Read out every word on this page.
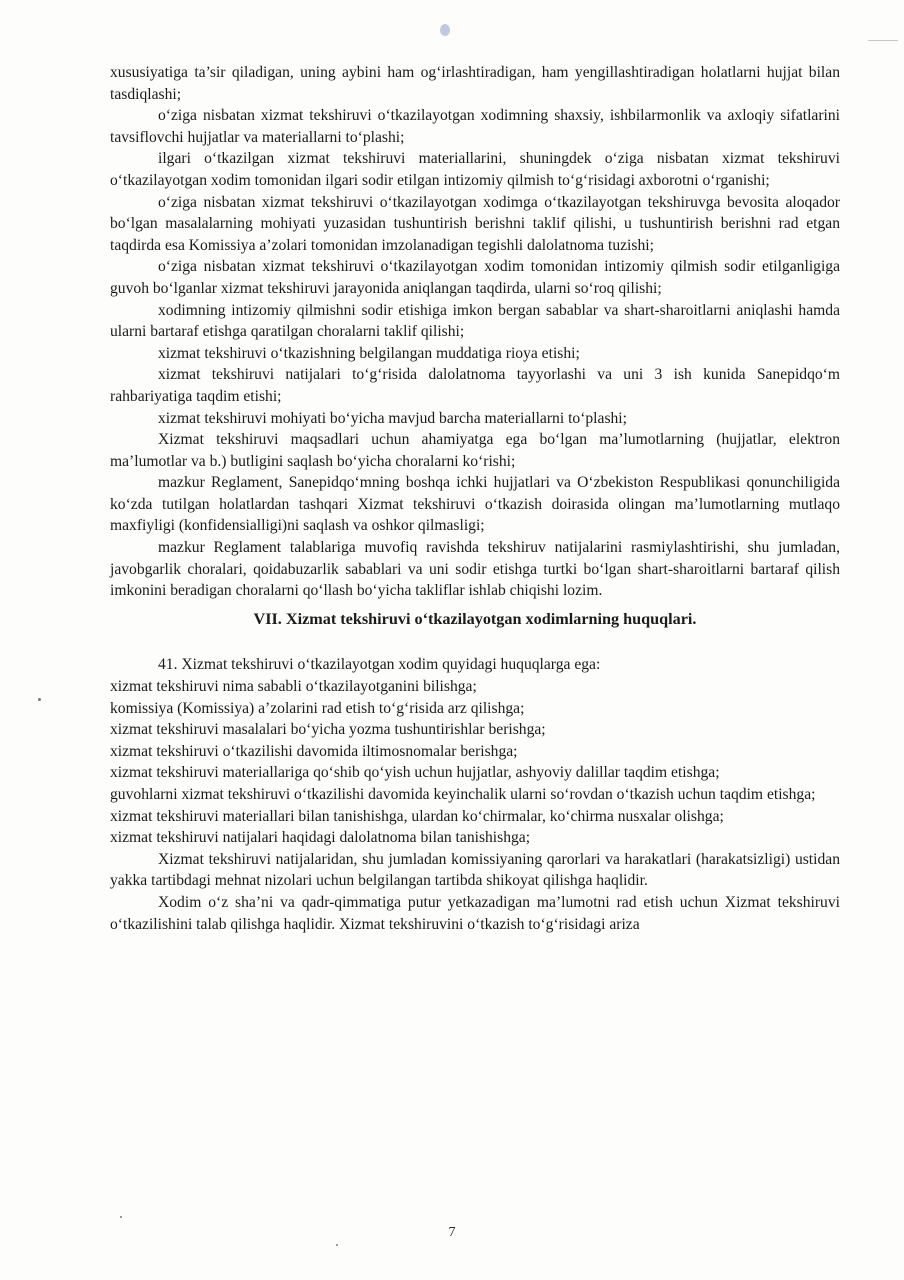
xususiyatiga ta’sir qiladigan, uning aybini ham og‘irlashtiradigan, ham yengillashtiradigan holatlarni hujjat bilan tasdiqlashi;

o‘ziga nisbatan xizmat tekshiruvi o‘tkazilayotgan xodimning shaxsiy, ishbilarmonlik va axloqiy sifatlarini tavsiflovchi hujjatlar va materiallarni to‘plashi;

ilgari o‘tkazilgan xizmat tekshiruvi materiallarini, shuningdek o‘ziga nisbatan xizmat tekshiruvi o‘tkazilayotgan xodim tomonidan ilgari sodir etilgan intizomiy qilmish to‘g‘risidagi axborotni o‘rganishi;

o‘ziga nisbatan xizmat tekshiruvi o‘tkazilayotgan xodimga o‘tkazilayotgan tekshiruvga bevosita aloqador bo‘lgan masalalarning mohiyati yuzasidan tushuntirish berishni taklif qilishi, u tushuntirish berishni rad etgan taqdirda esa Komissiya a’zolari tomonidan imzolanadigan tegishli dalolatnoma tuzishi;

o‘ziga nisbatan xizmat tekshiruvi o‘tkazilayotgan xodim tomonidan intizomiy qilmish sodir etilganligiga guvoh bo‘lganlar xizmat tekshiruvi jarayonida aniqlangan taqdirda, ularni so‘roq qilishi;

xodimning intizomiy qilmishni sodir etishiga imkon bergan sabablar va shart-sharoitlarni aniqlashi hamda ularni bartaraf etishga qaratilgan choralarni taklif qilishi;

xizmat tekshiruvi o‘tkazishning belgilangan muddatiga rioya etishi;

xizmat tekshiruvi natijalari to‘g‘risida dalolatnoma tayyorlashi va uni 3 ish kunida Sanepidqo‘m rahbariyatiga taqdim etishi;

xizmat tekshiruvi mohiyati bo‘yicha mavjud barcha materiallarni to‘plashi;

Xizmat tekshiruvi maqsadlari uchun ahamiyatga ega bo‘lgan ma’lumotlarning (hujjatlar, elektron ma’lumotlar va b.) butligini saqlash bo‘yicha choralarni ko‘rishi;

mazkur Reglament, Sanepidqo‘mning boshqa ichki hujjatlari va O‘zbekiston Respublikasi qonunchiligida ko‘zda tutilgan holatlardan tashqari Xizmat tekshiruvi o‘tkazish doirasida olingan ma’lumotlarning mutlaqo maxfiyligi (konfidensialligi)ni saqlash va oshkor qilmasligi;

mazkur Reglament talablariga muvofiq ravishda tekshiruv natijalarini rasmiylashtirishi, shu jumladan, javobgarlik choralari, qoidabuzarlik sabablari va uni sodir etishga turtki bo‘lgan shart-sharoitlarni bartaraf qilish imkonini beradigan choralarni qo‘llash bo‘yicha takliflar ishlab chiqishi lozim.

VII. Xizmat tekshiruvi o‘tkazilayotgan xodimlarning huquqlari.

41. Xizmat tekshiruvi o‘tkazilayotgan xodim quyidagi huquqlarga ega:

xizmat tekshiruvi nima sababli o‘tkazilayotganini bilishga;

komissiya (Komissiya) a’zolarini rad etish to‘g‘risida arz qilishga;

xizmat tekshiruvi masalalari bo‘yicha yozma tushuntirishlar berishga;

xizmat tekshiruvi o‘tkazilishi davomida iltimosnomalar berishga;

xizmat tekshiruvi materiallariga qo‘shib qo‘yish uchun hujjatlar, ashyoviy dalillar taqdim etishga;

guvohlarni xizmat tekshiruvi o‘tkazilishi davomida keyinchalik ularni so‘rovdan o‘tkazish uchun taqdim etishga;

xizmat tekshiruvi materiallari bilan tanishishga, ulardan ko‘chirmalar, ko‘chirma nusxalar olishga;

xizmat tekshiruvi natijalari haqidagi dalolatnoma bilan tanishishga;

Xizmat tekshiruvi natijalaridan, shu jumladan komissiyaning qarorlari va harakatlari (harakatsizligi) ustidan yakka tartibdagi mehnat nizolari uchun belgilangan tartibda shikoyat qilishga haqlidir.

Xodim o‘z sha’ni va qadr-qimmatiga putur yetkazadigan ma’lumotni rad etish uchun Xizmat tekshiruvi o‘tkazilishini talab qilishga haqlidir. Xizmat tekshiruvini o‘tkazish to‘g‘risidagi ariza

7
